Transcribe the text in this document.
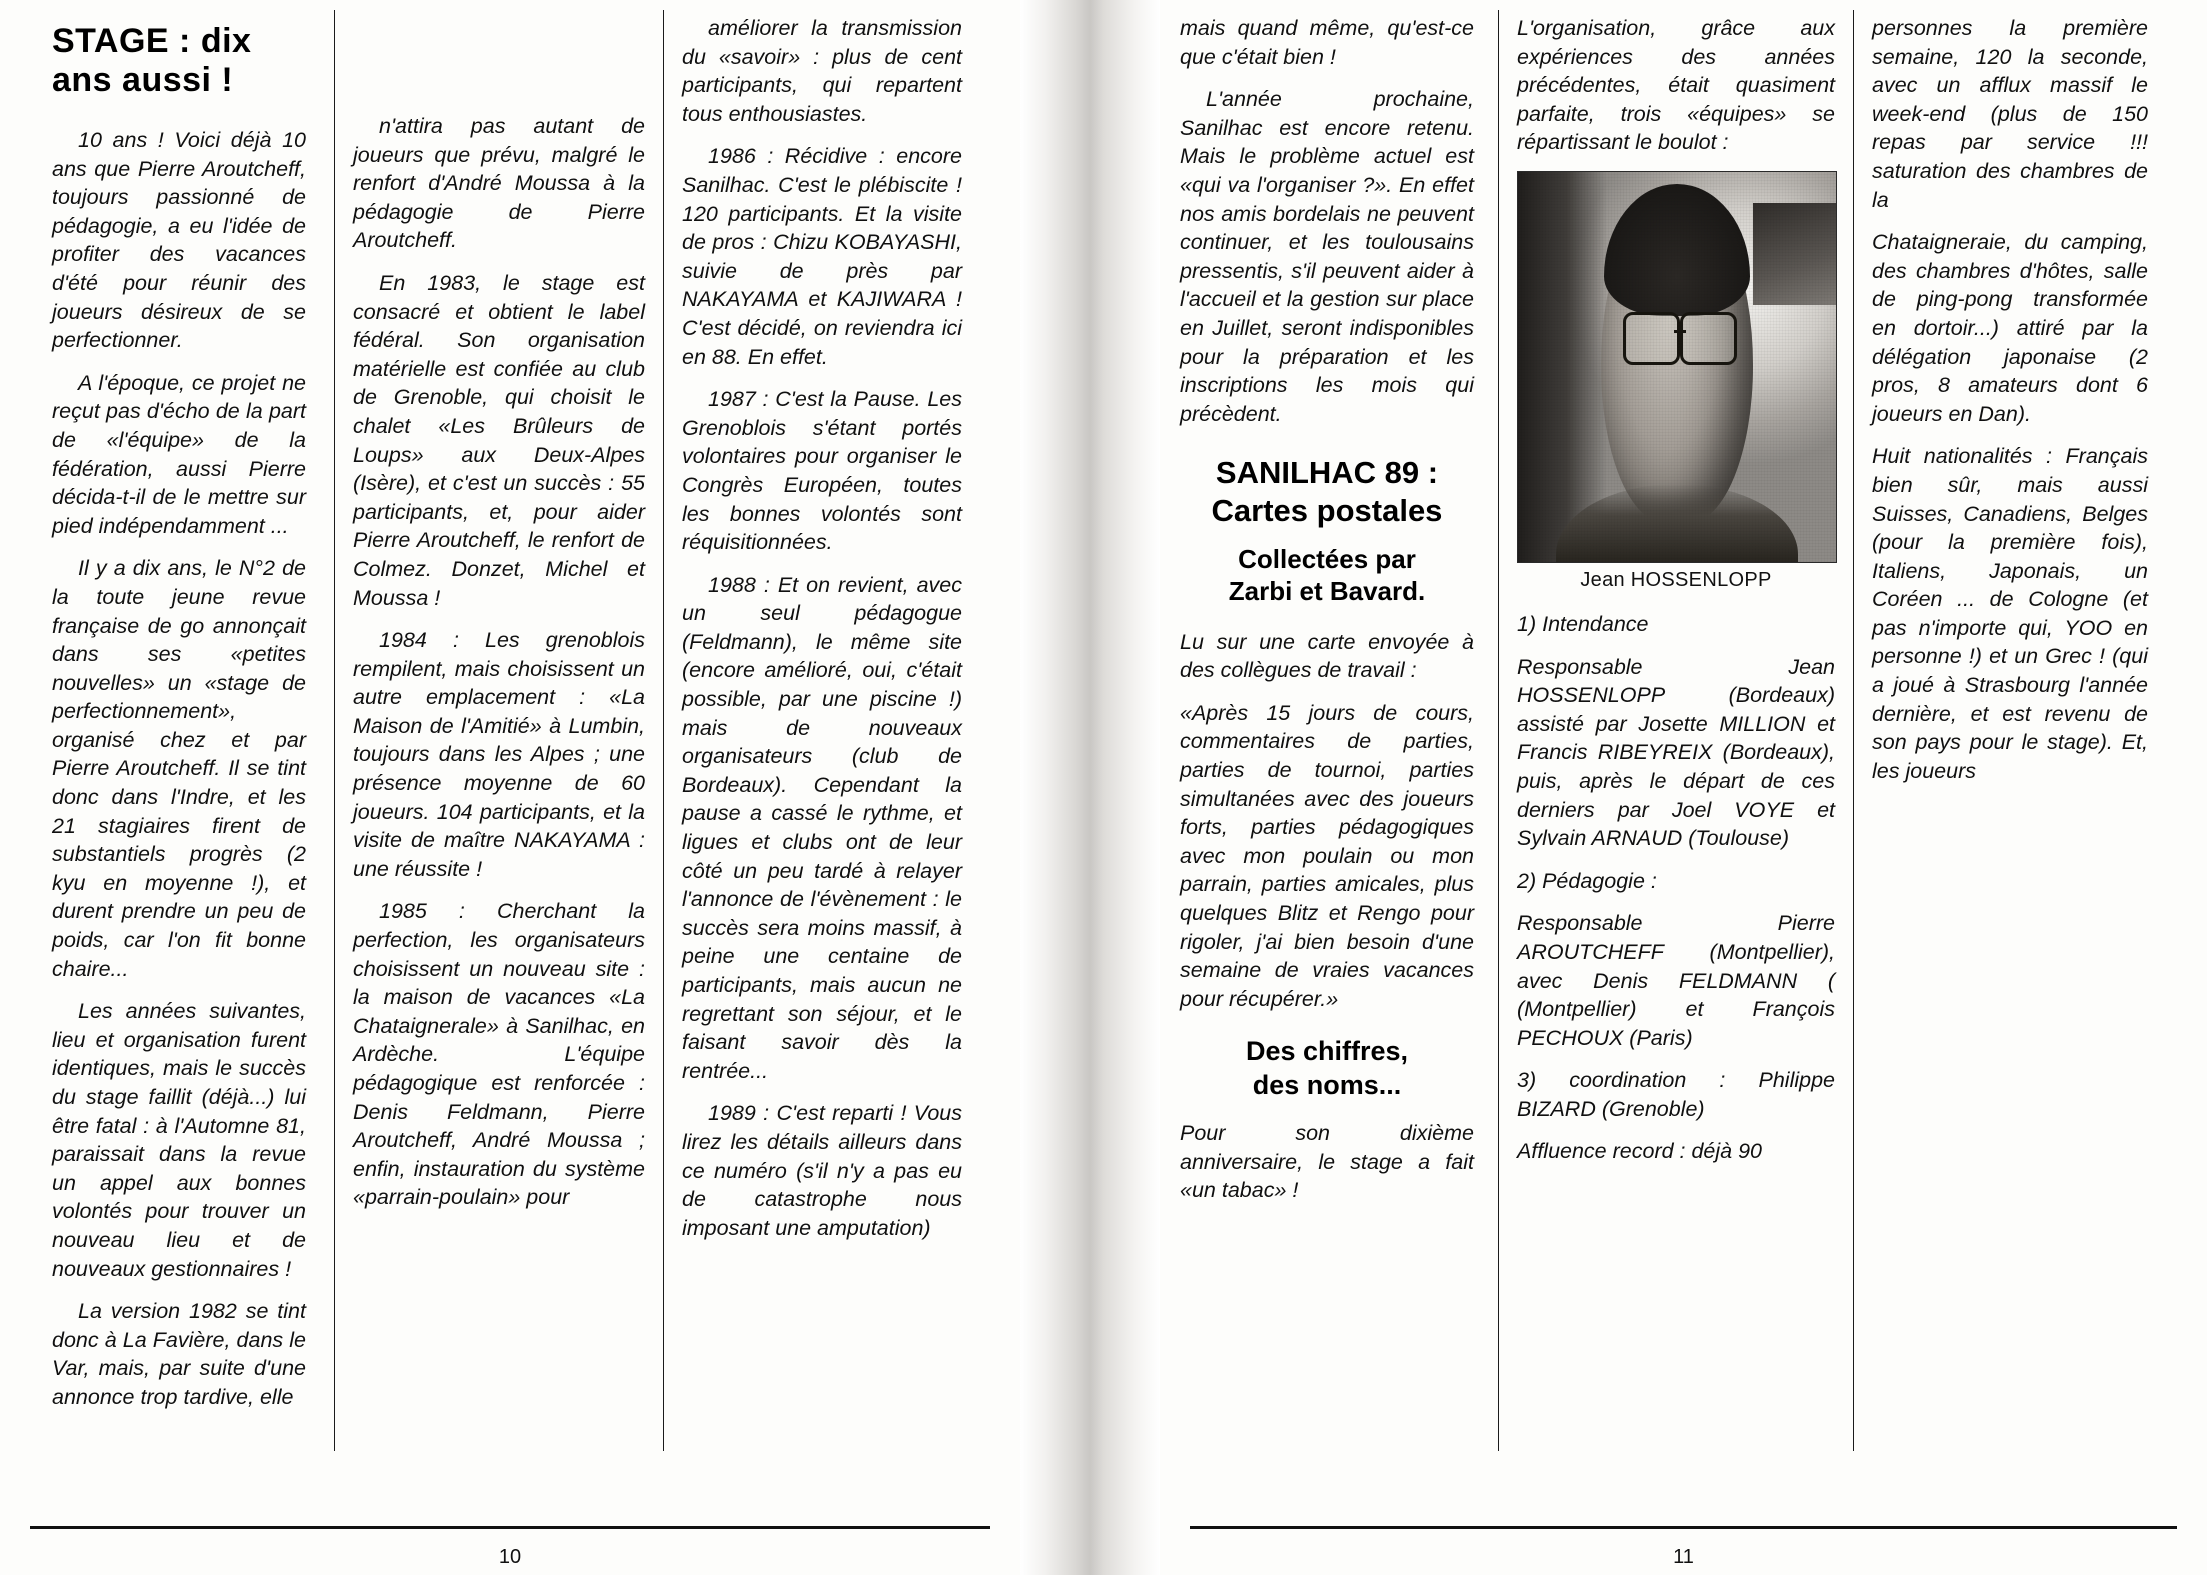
STAGE : dix ans aussi !

10 ans ! Voici déjà 10 ans que Pierre Aroutcheff, toujours passionné de pédagogie, a eu l'idée de profiter des vacances d'été pour réunir des joueurs désireux de se perfectionner.

A l'époque, ce projet ne reçut pas d'écho de la part de «l'équipe» de la fédération, aussi Pierre décida-t-il de le mettre sur pied indépendamment ...

Il y a dix ans, le N°2 de la toute jeune revue française de go annonçait dans ses «petites nouvelles» un «stage de perfectionnement», organisé chez et par Pierre Aroutcheff. Il se tint donc dans l'Indre, et les 21 stagiaires firent de substantiels progrès (2 kyu en moyenne !), et durent prendre un peu de poids, car l'on fit bonne chaire...

Les années suivantes, lieu et organisation furent identiques, mais le succès du stage faillit (déjà...) lui être fatal : à l'Automne 81, paraissait dans la revue un appel aux bonnes volontés pour trouver un nouveau lieu et de nouveaux gestionnaires !

La version 1982 se tint donc à La Favière, dans le Var, mais, par suite d'une annonce trop tardive, elle

n'attira pas autant de joueurs que prévu, malgré le renfort d'André Moussa à la pédagogie de Pierre Aroutcheff.

En 1983, le stage est consacré et obtient le label fédéral. Son organisation matérielle est confiée au club de Grenoble, qui choisit le chalet «Les Brûleurs de Loups» aux Deux-Alpes (Isère), et c'est un succès : 55 participants, et, pour aider Pierre Aroutcheff, le renfort de Colmez. Donzet, Michel et Moussa !

1984 : Les grenoblois rempilent, mais choisissent un autre emplacement : «La Maison de l'Amitié» à Lumbin, toujours dans les Alpes ; une présence moyenne de 60 joueurs. 104 participants, et la visite de maître NAKAYAMA : une réussite !

1985 : Cherchant la perfection, les organisateurs choisissent un nouveau site : la maison de vacances «La Chataignerale» à Sanilhac, en Ardèche. L'équipe pédagogique est renforcée : Denis Feldmann, Pierre Aroutcheff, André Moussa ; enfin, instauration du système «parrain-poulain» pour

améliorer la transmission du «savoir» : plus de cent participants, qui repartent tous enthousiastes.

1986 : Récidive : encore Sanilhac. C'est le plébiscite ! 120 participants. Et la visite de pros : Chizu KOBAYASHI, suivie de près par NAKAYAMA et KAJIWARA ! C'est décidé, on reviendra ici en 88. En effet.

1987 : C'est la Pause. Les Grenoblois s'étant portés volontaires pour organiser le Congrès Européen, toutes les bonnes volontés sont réquisitionnées.

1988 : Et on revient, avec un seul pédagogue (Feldmann), le même site (encore amélioré, oui, c'était possible, par une piscine !) mais de nouveaux organisateurs (club de Bordeaux). Cependant la pause a cassé le rythme, et ligues et clubs ont de leur côté un peu tardé à relayer l'annonce de l'évènement : le succès sera moins massif, à peine une centaine de participants, mais aucun ne regrettant son séjour, et le faisant savoir dès la rentrée...

1989 : C'est reparti ! Vous lirez les détails ailleurs dans ce numéro (s'il n'y a pas eu de catastrophe nous imposant une amputation)

10

mais quand même, qu'est-ce que c'était bien !

L'année prochaine, Sanilhac est encore retenu. Mais le problème actuel est «qui va l'organiser ?». En effet nos amis bordelais ne peuvent continuer, et les toulousains pressentis, s'il peuvent aider à l'accueil et la gestion sur place en Juillet, seront indisponibles pour la préparation et les inscriptions les mois qui précèdent.

SANILHAC 89 :
Cartes postales
Collectées par
Zarbi et Bavard.

Lu sur une carte envoyée à des collègues de travail :

«Après 15 jours de cours, commentaires de parties, parties de tournoi, parties simultanées avec des joueurs forts, parties pédagogiques avec mon poulain ou mon parrain, parties amicales, plus quelques Blitz et Rengo pour rigoler, j'ai bien besoin d'une semaine de vraies vacances pour récupérer.»

Des chiffres,
des noms...

Pour son dixième anniversaire, le stage a fait «un tabac» !

L'organisation, grâce aux expériences des années précédentes, était quasiment parfaite, trois «équipes» se répartissant le boulot :

Jean HOSSENLOPP

1) Intendance

Responsable Jean HOSSENLOPP (Bordeaux) assisté par Josette MILLION et Francis RIBEYREIX (Bordeaux), puis, après le départ de ces derniers par Joel VOYE et Sylvain ARNAUD (Toulouse)

2) Pédagogie :

Responsable Pierre AROUTCHEFF (Montpellier), avec Denis FELDMANN ( (Montpellier) et François PECHOUX (Paris)

3) coordination : Philippe BIZARD (Grenoble)

Affluence record : déjà 90

personnes la première semaine, 120 la seconde, avec un afflux massif le week-end (plus de 150 repas par service !!! saturation des chambres de la

Chataigneraie, du camping, des chambres d'hôtes, salle de ping-pong transformée en dortoir...) attiré par la délégation japonaise (2 pros, 8 amateurs dont 6 joueurs en Dan).

Huit nationalités : Français bien sûr, mais aussi Suisses, Canadiens, Belges (pour la première fois), Italiens, Japonais, un Coréen ... de Cologne (et pas n'importe qui, YOO en personne !) et un Grec ! (qui a joué à Strasbourg l'année dernière, et est revenu de son pays pour le stage). Et, les joueurs

11
